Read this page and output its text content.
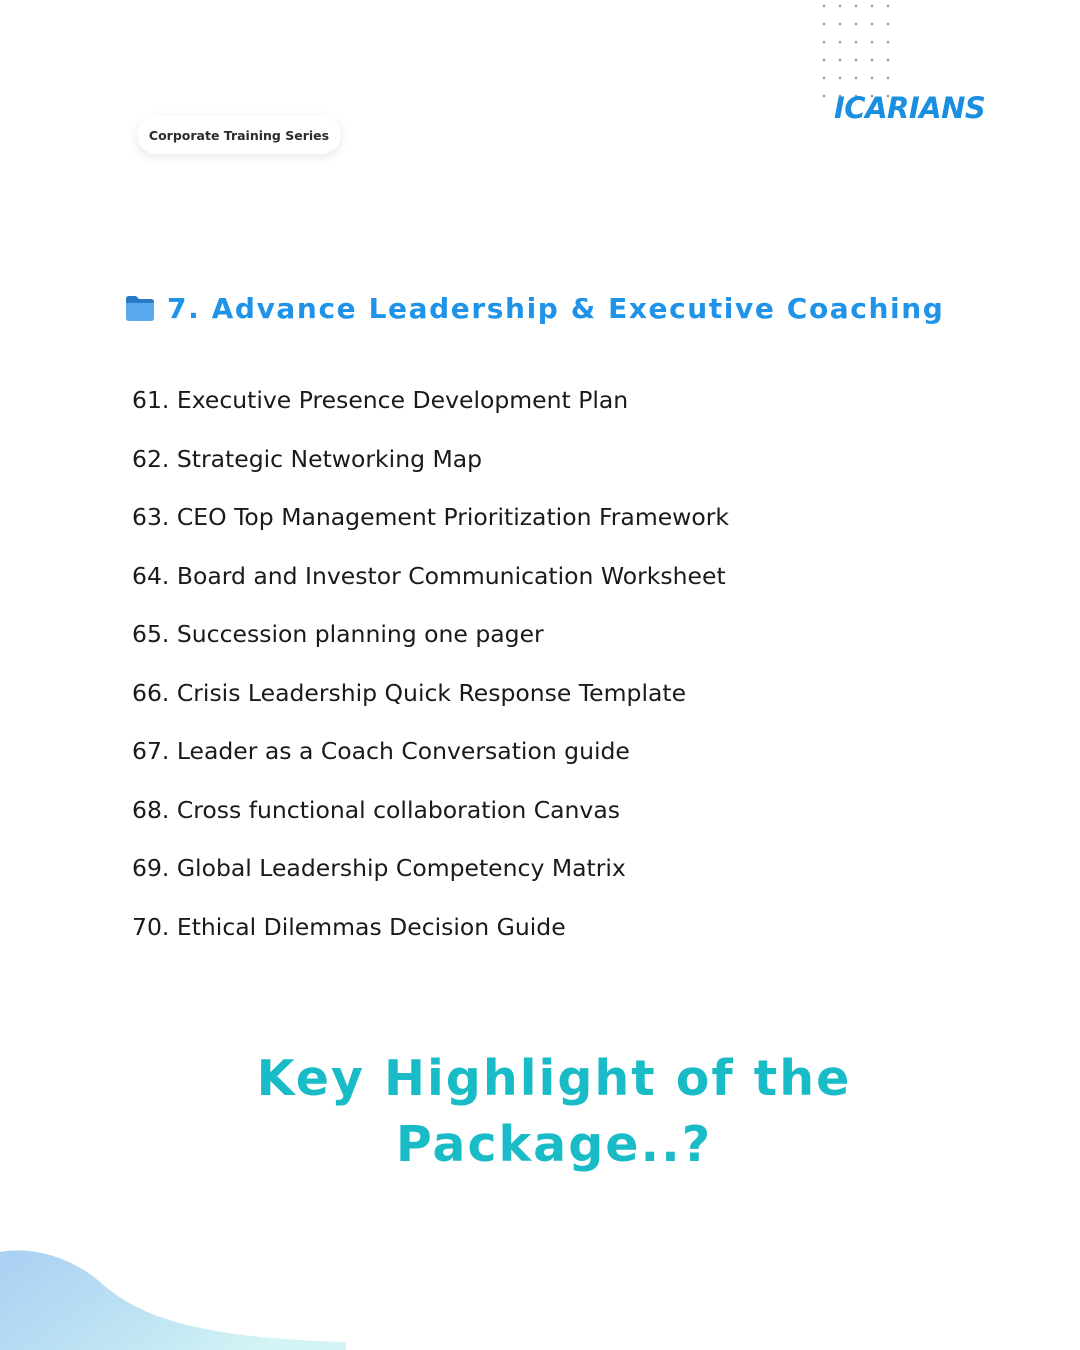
ICARIANS
Corporate Training Series
7. Advance Leadership & Executive Coaching
61. Executive Presence Development Plan
62. Strategic Networking Map
63. CEO Top Management Prioritization Framework
64. Board and Investor Communication Worksheet
65. Succession planning one pager
66. Crisis Leadership Quick Response Template
67. Leader as a Coach Conversation guide
68. Cross functional collaboration Canvas
69. Global Leadership Competency Matrix
70. Ethical Dilemmas Decision Guide
Key Highlight of the
Package..?
